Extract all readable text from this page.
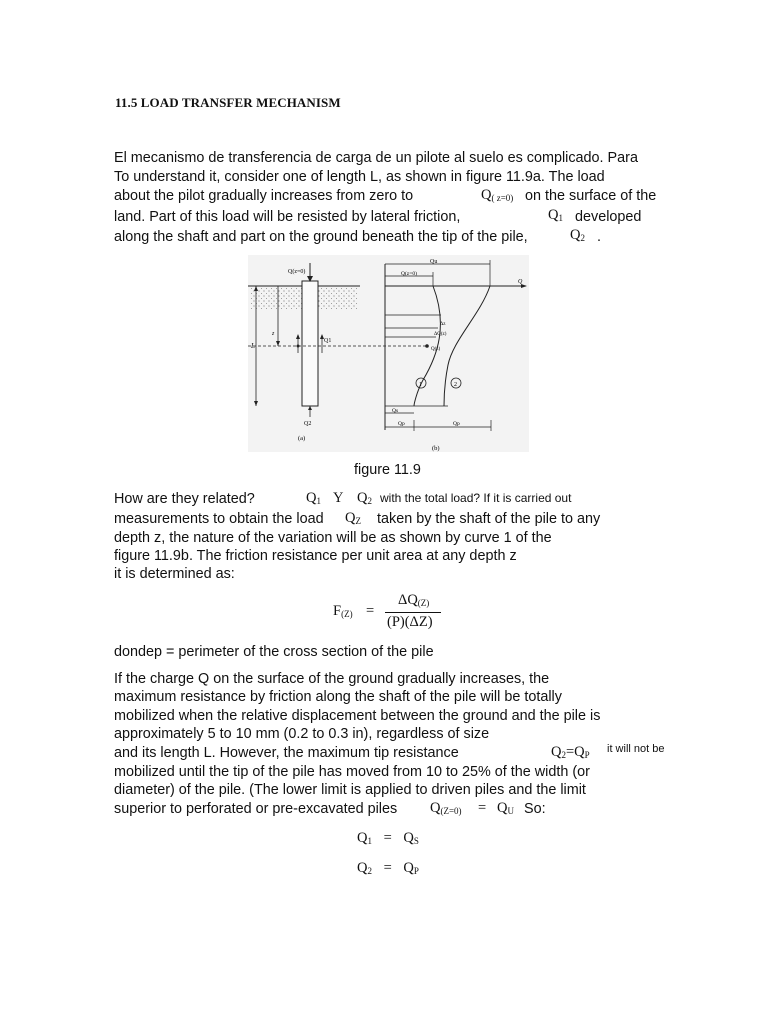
11.5 LOAD TRANSFER MECHANISM
El mecanismo de transferencia de carga de un pilote al suelo es complicado. Para
To understand it, consider one of length L, as shown in figure 11.9a. The load
about the pilot gradually increases from zero to	$Q_{( z=0)}$ on the surface of the
land. Part of this load will be resisted by lateral friction,	$Q_1$ developed
along the shaft and part on the ground beneath the tip of the pile,	$Q_2$ .
Q(z=0)
L
z
Q1
Q2
(a)
Q
Qu
Q(z=0)
Δz
ΔQ(z)
Q(z)
1	2
Qs
Qp	Qp
(b)
figure 11.9
How are they related?	$Q_1$ Y $Q_2$ with the total load? If it is carried out
measurements to obtain the load $Q_Z$ taken by the shaft of the pile to any
depth z, the nature of the variation will be as shown by curve 1 of the
figure 11.9b. The friction resistance per unit area at any depth z
it is determined as:
$F_{(Z)}$ =
$\Delta Q_{(Z)}$
(P)(ΔZ)
dondep = perimeter of the cross section of the pile
If the charge Q on the surface of the ground gradually increases, the
maximum resistance by friction along the shaft of the pile will be totally
mobilized when the relative displacement between the ground and the pile is
approximately 5 to 10 mm (0.2 to 0.3 in), regardless of size
and its length L. However, the maximum tip resistance	$Q_2=Q_P$ it will not be
mobilized until the tip of the pile has moved from 10 to 25% of the width (or
diameter) of the pile. (The lower limit is applied to driven piles and the limit
superior to perforated or pre-excavated piles $Q_{(Z=0)} = Q_U$ So:
$Q_1 = Q_S$
$Q_2 = Q_P$
